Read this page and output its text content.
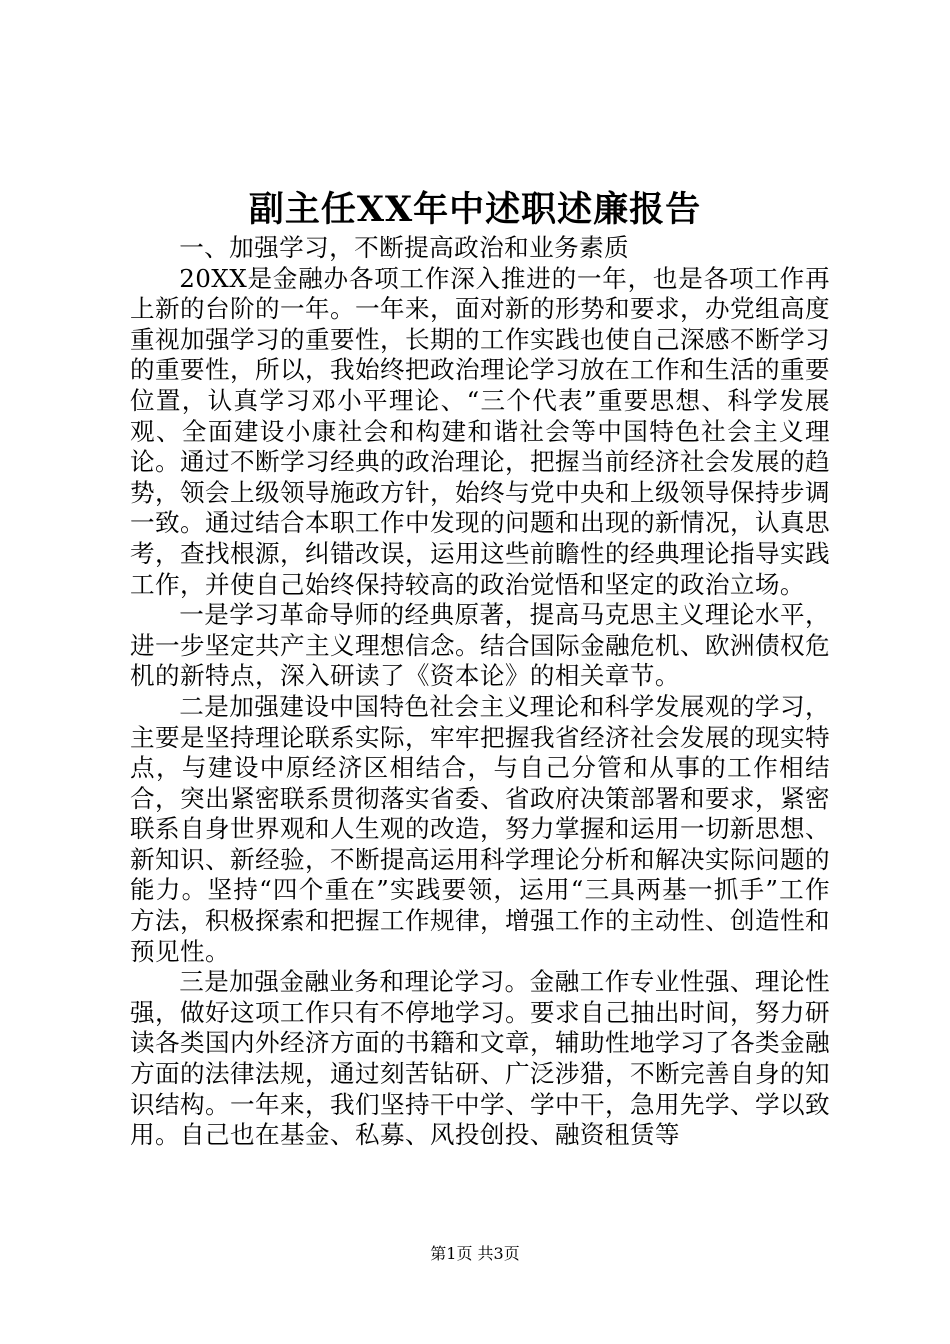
副主任XX年中述职述廉报告

一、加强学习，不断提高政治和业务素质

20XX是金融办各项工作深入推进的一年，也是各项工作再上新的台阶的一年。一年来，面对新的形势和要求，办党组高度重视加强学习的重要性，长期的工作实践也使自己深感不断学习的重要性，所以，我始终把政治理论学习放在工作和生活的重要位置，认真学习邓小平理论、“三个代表”重要思想、科学发展观、全面建设小康社会和构建和谐社会等中国特色社会主义理论。通过不断学习经典的政治理论，把握当前经济社会发展的趋势，领会上级领导施政方针，始终与党中央和上级领导保持步调一致。通过结合本职工作中发现的问题和出现的新情况，认真思考，查找根源，纠错改误，运用这些前瞻性的经典理论指导实践工作，并使自己始终保持较高的政治觉悟和坚定的政治立场。

一是学习革命导师的经典原著，提高马克思主义理论水平，进一步坚定共产主义理想信念。结合国际金融危机、欧洲债权危机的新特点，深入研读了《资本论》的相关章节。

二是加强建设中国特色社会主义理论和科学发展观的学习，主要是坚持理论联系实际，牢牢把握我省经济社会发展的现实特点，与建设中原经济区相结合，与自己分管和从事的工作相结合，突出紧密联系贯彻落实省委、省政府决策部署和要求，紧密联系自身世界观和人生观的改造，努力掌握和运用一切新思想、新知识、新经验，不断提高运用科学理论分析和解决实际问题的能力。坚持“四个重在”实践要领，运用“三具两基一抓手”工作方法，积极探索和把握工作规律，增强工作的主动性、创造性和预见性。

三是加强金融业务和理论学习。金融工作专业性强、理论性强，做好这项工作只有不停地学习。要求自己抽出时间，努力研读各类国内外经济方面的书籍和文章，辅助性地学习了各类金融方面的法律法规，通过刻苦钻研、广泛涉猎，不断完善自身的知识结构。一年来，我们坚持干中学、学中干，急用先学、学以致用。自己也在基金、私募、风投创投、融资租赁等

第1页 共3页
